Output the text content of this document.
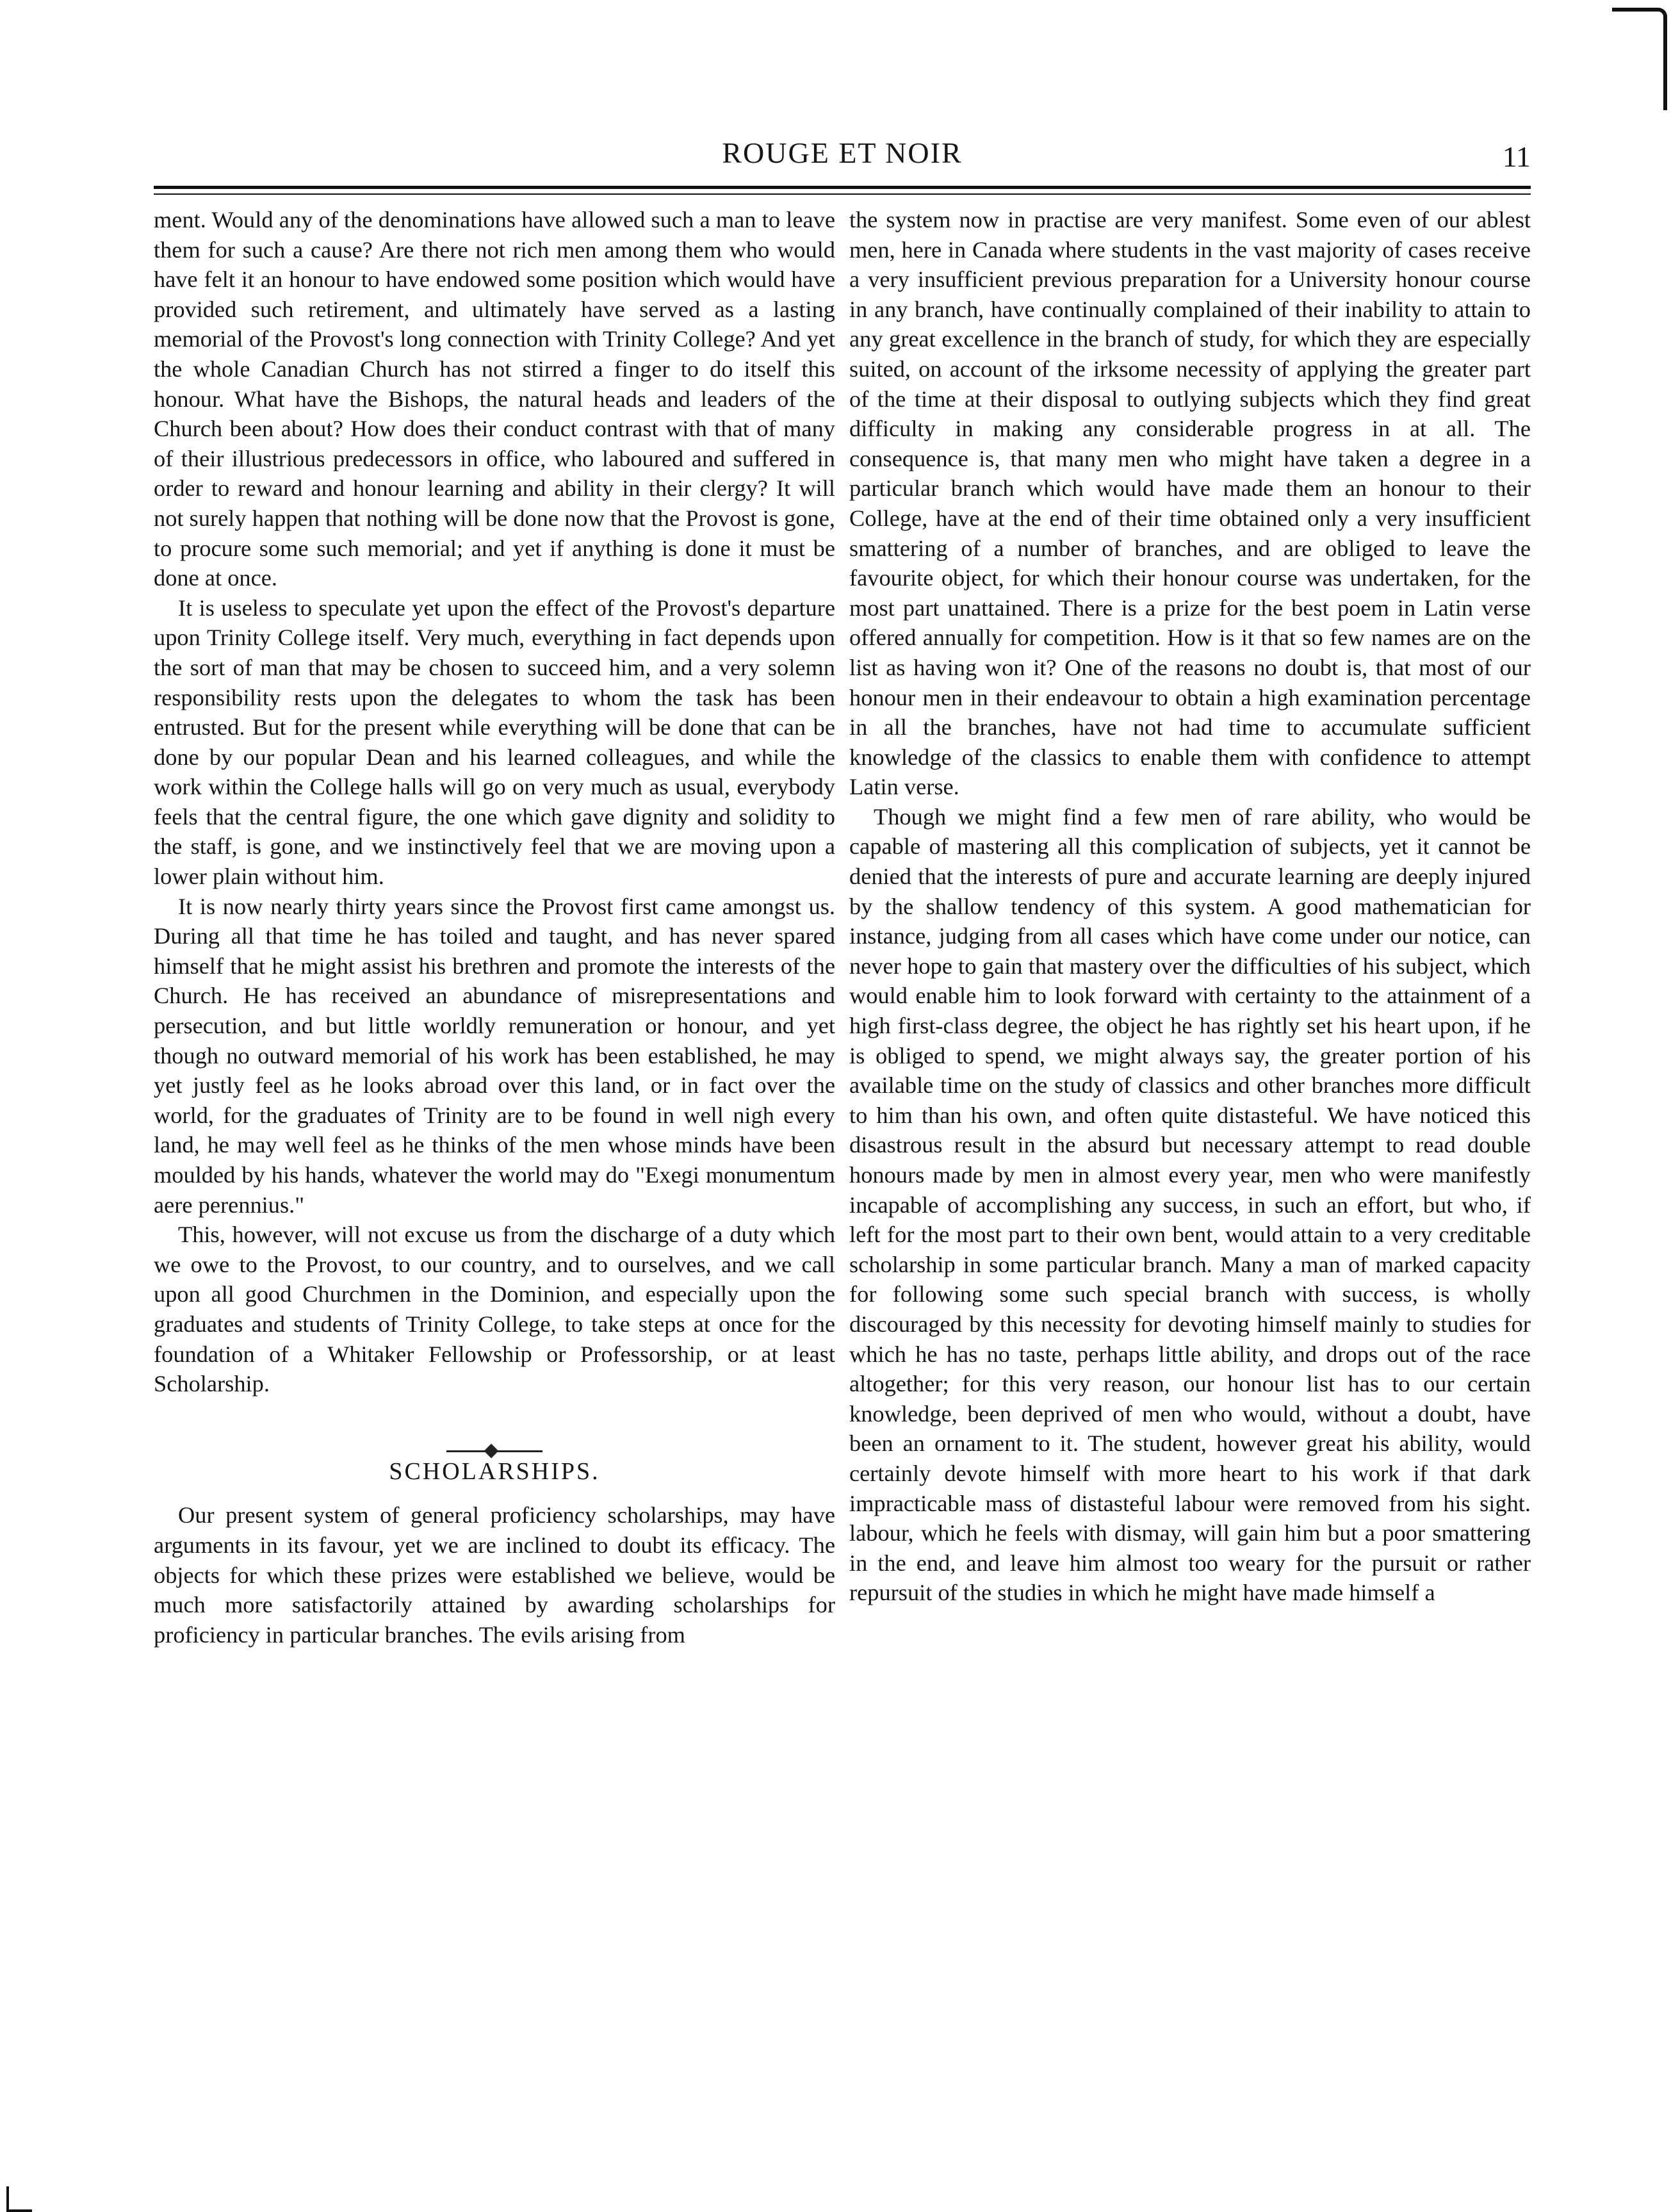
ROUGE ET NOIR	11

ment. Would any of the denominations have allowed such a man to leave them for such a cause? Are there not rich men among them who would have felt it an honour to have endowed some position which would have provided such retirement, and ultimately have served as a lasting memorial of the Provost's long connection with Trinity College? And yet the whole Canadian Church has not stirred a finger to do itself this honour. What have the Bishops, the natural heads and leaders of the Church been about? How does their conduct contrast with that of many of their illustrious predecessors in office, who laboured and suffered in order to reward and honour learning and ability in their clergy? It will not surely happen that nothing will be done now that the Provost is gone, to procure some such memorial; and yet if anything is done it must be done at once.

It is useless to speculate yet upon the effect of the Provost's departure upon Trinity College itself. Very much, everything in fact depends upon the sort of man that may be chosen to succeed him, and a very solemn responsibility rests upon the delegates to whom the task has been entrusted. But for the present while everything will be done that can be done by our popular Dean and his learned colleagues, and while the work within the College halls will go on very much as usual, everybody feels that the central figure, the one which gave dignity and solidity to the staff, is gone, and we instinctively feel that we are moving upon a lower plain without him.

It is now nearly thirty years since the Provost first came amongst us. During all that time he has toiled and taught, and has never spared himself that he might assist his brethren and promote the interests of the Church. He has received an abundance of misrepresentations and persecution, and but little worldly remuneration or honour, and yet though no outward memorial of his work has been established, he may yet justly feel as he looks abroad over this land, or in fact over the world, for the graduates of Trinity are to be found in well nigh every land, he may well feel as he thinks of the men whose minds have been moulded by his hands, whatever the world may do "Exegi monumentum aere perennius."

This, however, will not excuse us from the discharge of a duty which we owe to the Provost, to our country, and to ourselves, and we call upon all good Churchmen in the Dominion, and especially upon the graduates and students of Trinity College, to take steps at once for the foundation of a Whitaker Fellowship or Professorship, or at least Scholarship.

SCHOLARSHIPS.

Our present system of general proficiency scholarships, may have arguments in its favour, yet we are inclined to doubt its efficacy. The objects for which these prizes were established we believe, would be much more satisfactorily attained by awarding scholarships for proficiency in particular branches. The evils arising from

the system now in practise are very manifest. Some even of our ablest men, here in Canada where students in the vast majority of cases receive a very insufficient previous preparation for a University honour course in any branch, have continually complained of their inability to attain to any great excellence in the branch of study, for which they are especially suited, on account of the irksome necessity of applying the greater part of the time at their disposal to outlying subjects which they find great difficulty in making any considerable progress in at all. The consequence is, that many men who might have taken a degree in a particular branch which would have made them an honour to their College, have at the end of their time obtained only a very insufficient smattering of a number of branches, and are obliged to leave the favourite object, for which their honour course was undertaken, for the most part unattained. There is a prize for the best poem in Latin verse offered annually for competition. How is it that so few names are on the list as having won it? One of the reasons no doubt is, that most of our honour men in their endeavour to obtain a high examination percentage in all the branches, have not had time to accumulate sufficient knowledge of the classics to enable them with confidence to attempt Latin verse.

Though we might find a few men of rare ability, who would be capable of mastering all this complication of subjects, yet it cannot be denied that the interests of pure and accurate learning are deeply injured by the shallow tendency of this system. A good mathematician for instance, judging from all cases which have come under our notice, can never hope to gain that mastery over the difficulties of his subject, which would enable him to look forward with certainty to the attainment of a high first-class degree, the object he has rightly set his heart upon, if he is obliged to spend, we might always say, the greater portion of his available time on the study of classics and other branches more difficult to him than his own, and often quite distasteful. We have noticed this disastrous result in the absurd but necessary attempt to read double honours made by men in almost every year, men who were manifestly incapable of accomplishing any success, in such an effort, but who, if left for the most part to their own bent, would attain to a very creditable scholarship in some particular branch. Many a man of marked capacity for following some such special branch with success, is wholly discouraged by this necessity for devoting himself mainly to studies for which he has no taste, perhaps little ability, and drops out of the race altogether; for this very reason, our honour list has to our certain knowledge, been deprived of men who would, without a doubt, have been an ornament to it. The student, however great his ability, would certainly devote himself with more heart to his work if that dark impracticable mass of distasteful labour were removed from his sight. labour, which he feels with dismay, will gain him but a poor smattering in the end, and leave him almost too weary for the pursuit or rather repursuit of the studies in which he might have made himself a
